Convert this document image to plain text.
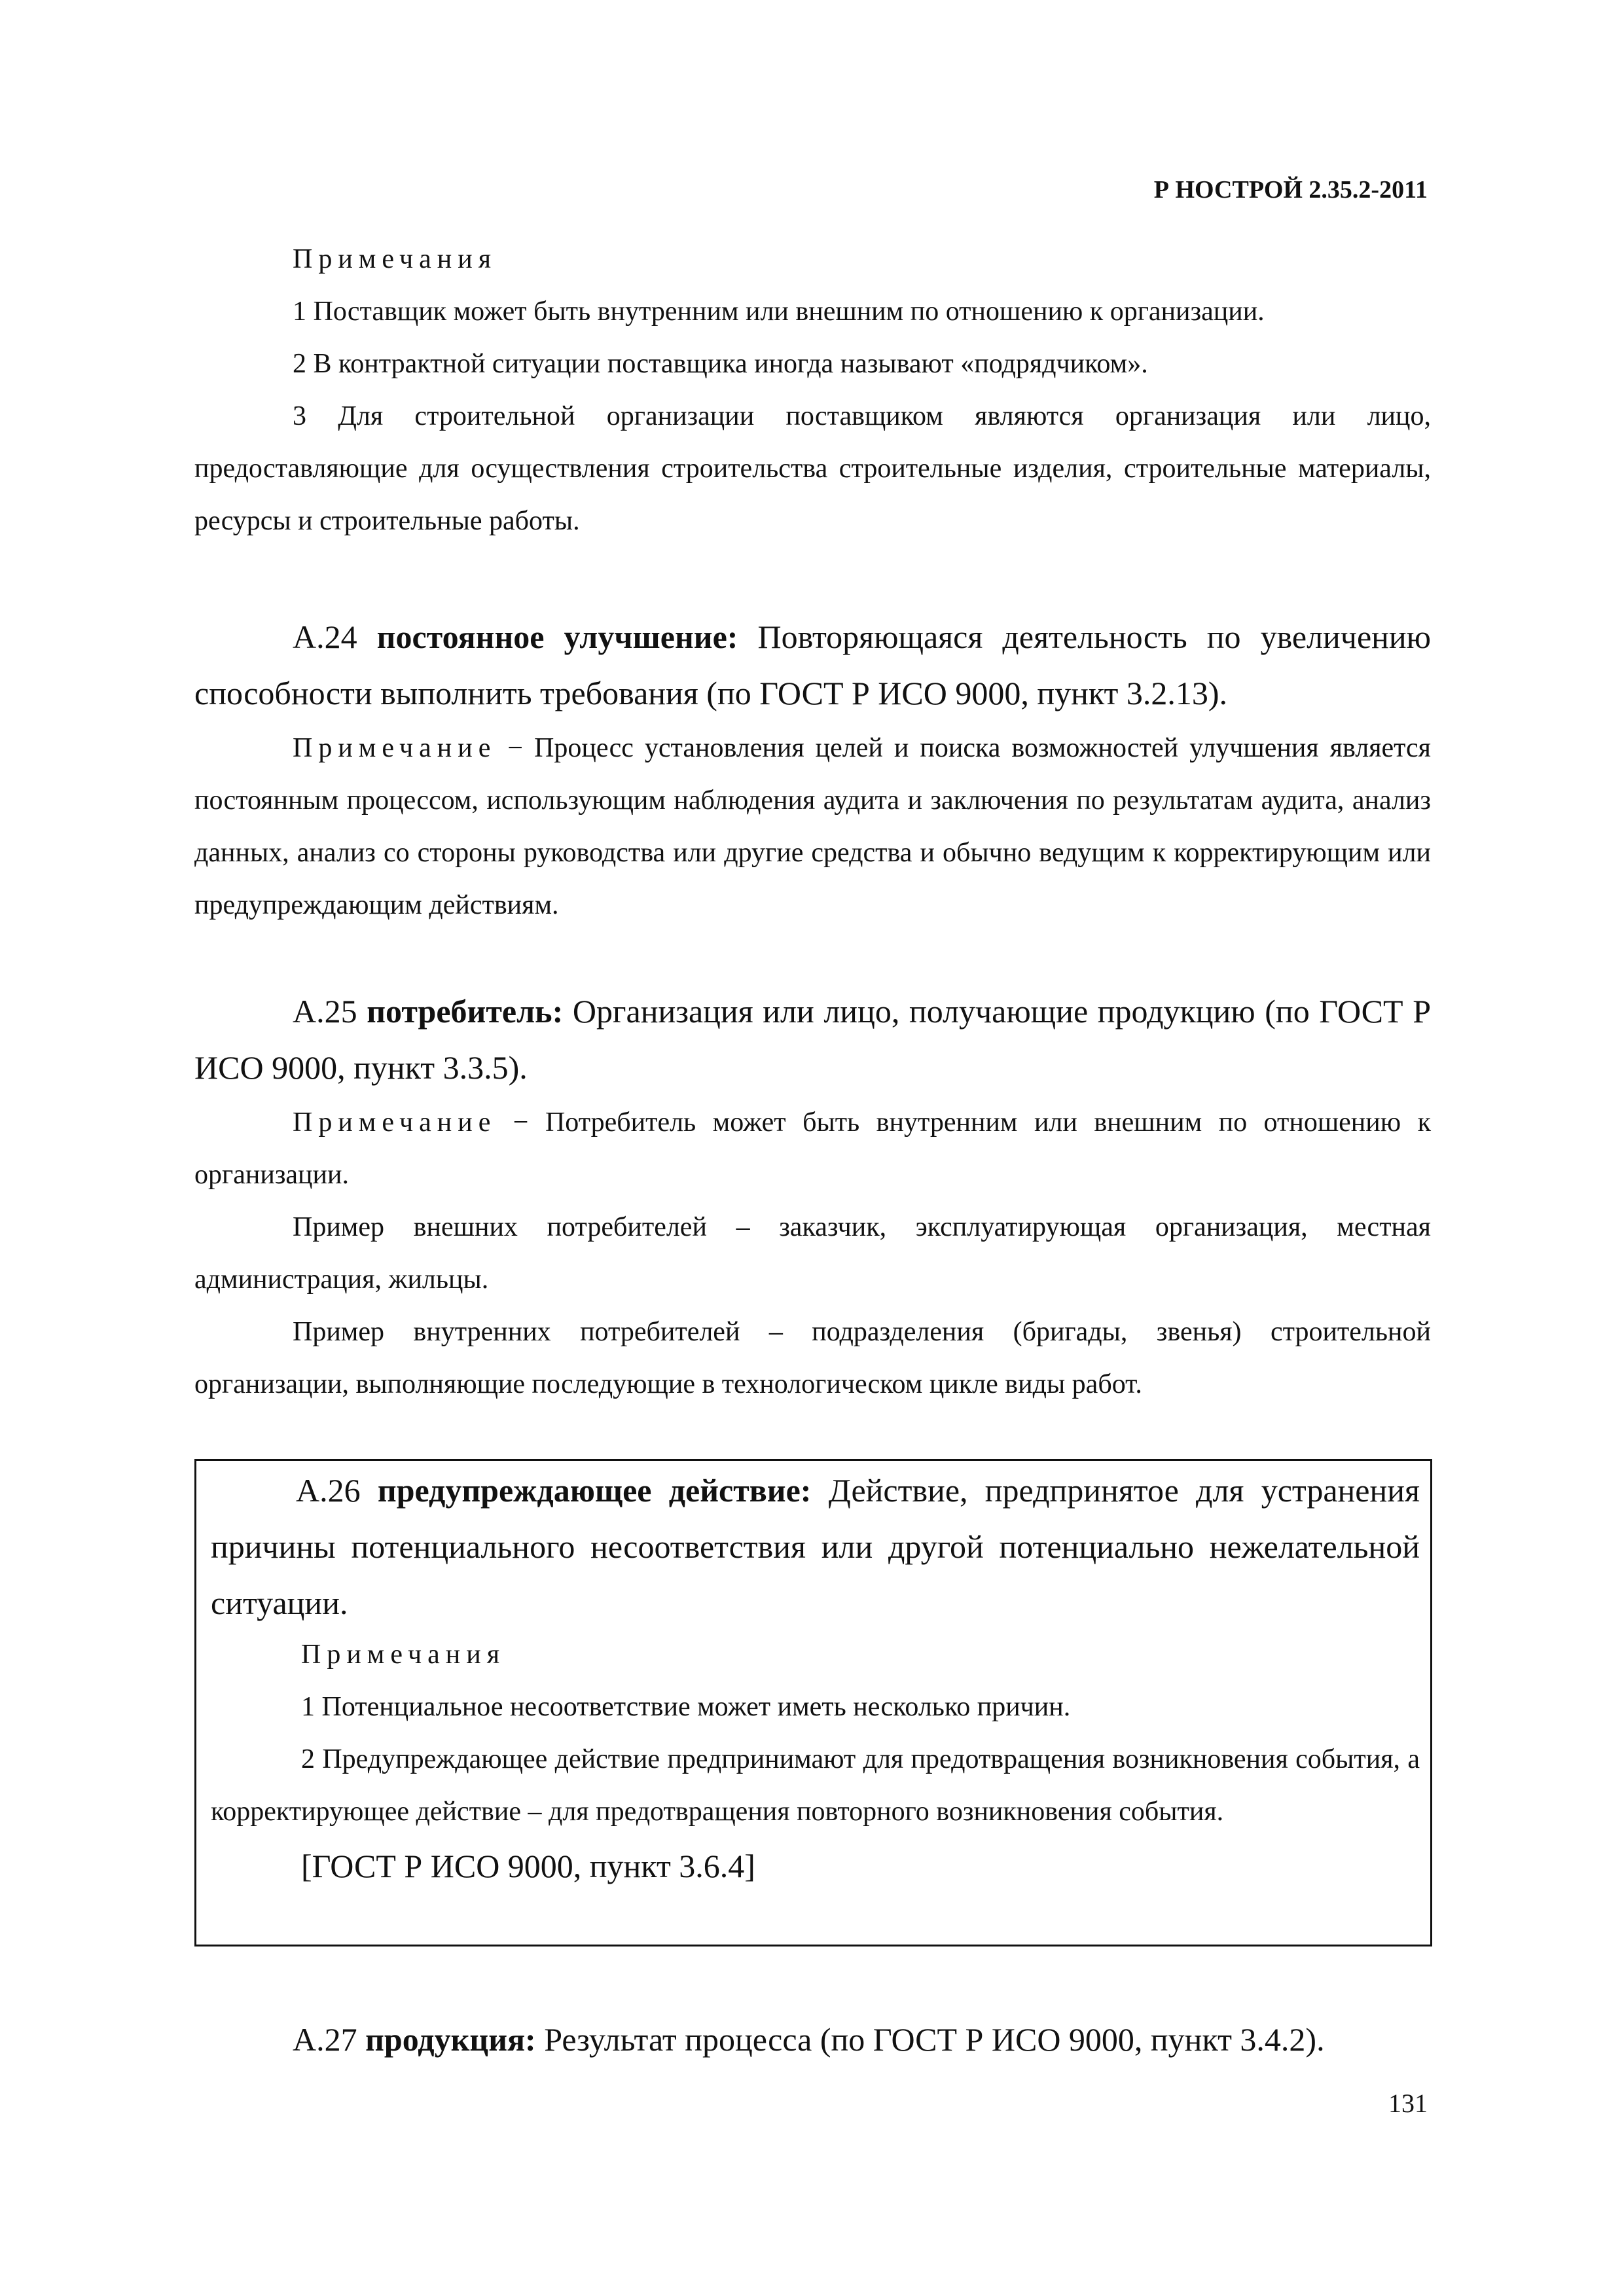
Р НОСТРОЙ 2.35.2-2011

Примечания

1 Поставщик может быть внутренним или внешним по отношению к организации.

2 В контрактной ситуации поставщика иногда называют «подрядчиком».

3 Для строительной организации поставщиком являются организация или лицо, предоставляющие для осуществления строительства строительные изделия, строительные материалы, ресурсы и строительные работы.

А.24 постоянное улучшение: Повторяющаяся деятельность по увеличению способности выполнить требования (по ГОСТ Р ИСО 9000, пункт 3.2.13).

Примечание − Процесс установления целей и поиска возможностей улучшения является постоянным процессом, использующим наблюдения аудита и заключения по результатам аудита, анализ данных, анализ со стороны руководства или другие средства и обычно ведущим к корректирующим или предупреждающим действиям.

А.25 потребитель: Организация или лицо, получающие продукцию (по ГОСТ Р ИСО 9000, пункт 3.3.5).

Примечание − Потребитель может быть внутренним или внешним по отношению к организации.

Пример внешних потребителей – заказчик, эксплуатирующая организация, местная администрация, жильцы.

Пример внутренних потребителей – подразделения (бригады, звенья) строительной организации, выполняющие последующие в технологическом цикле виды работ.

А.26 предупреждающее действие: Действие, предпринятое для устранения причины потенциального несоответствия или другой потенциально нежелательной ситуации.

Примечания

1 Потенциальное несоответствие может иметь несколько причин.

2 Предупреждающее действие предпринимают для предотвращения возникновения события, а корректирующее действие – для предотвращения повторного возникновения события.

[ГОСТ Р ИСО 9000, пункт 3.6.4]

А.27 продукция: Результат процесса (по ГОСТ Р ИСО 9000, пункт 3.4.2).

131
